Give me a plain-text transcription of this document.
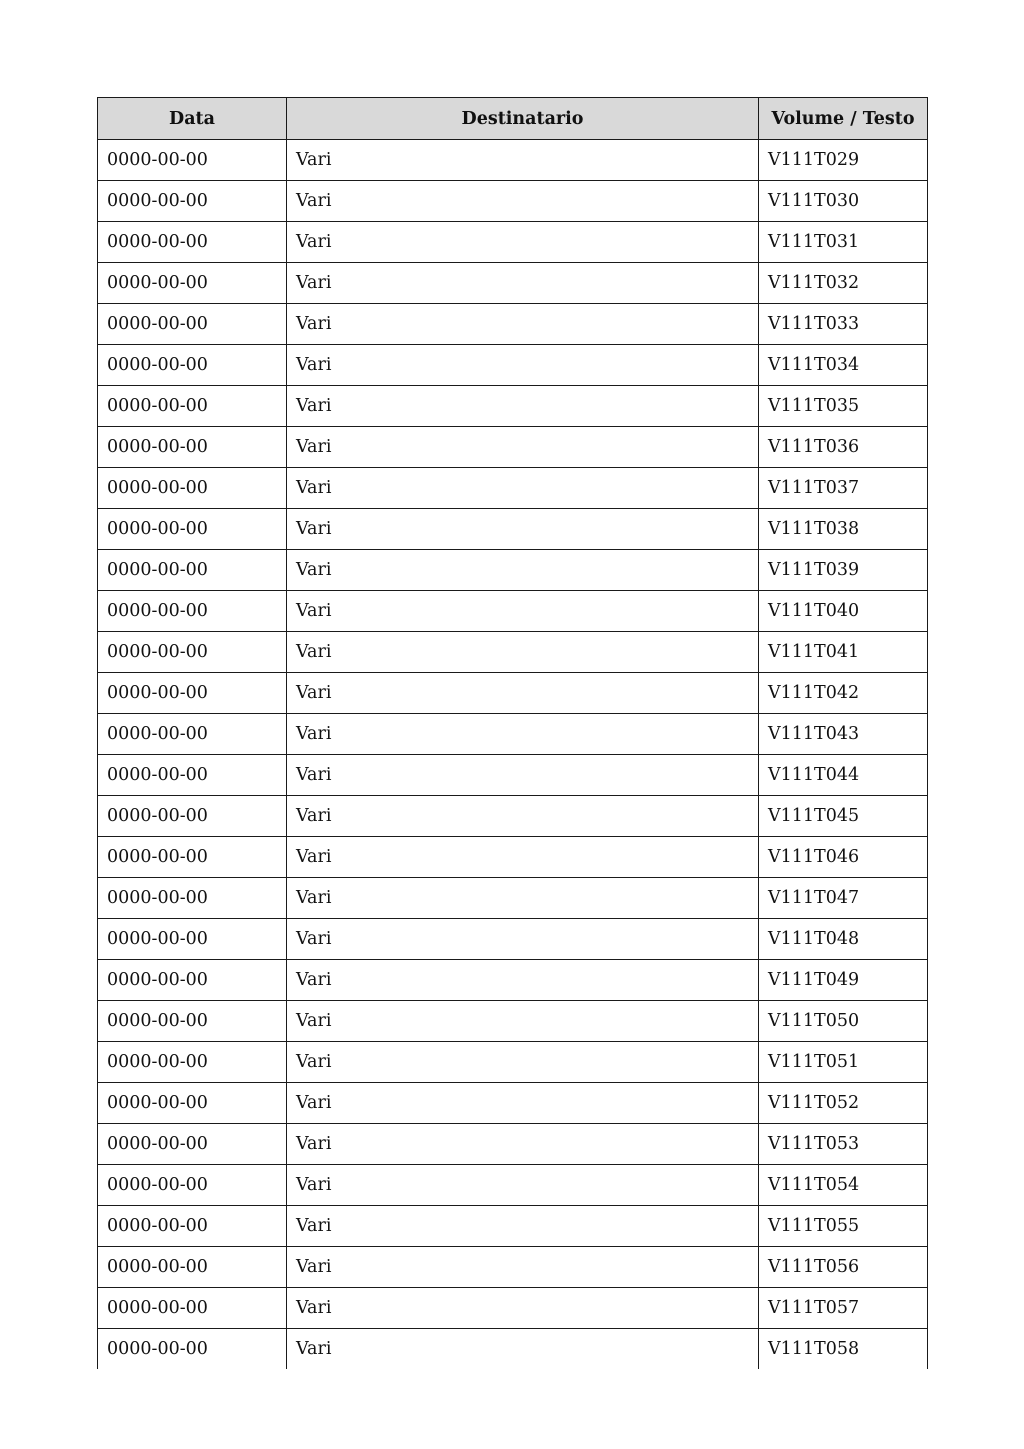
Data	Destinatario	Volume / Testo
0000-00-00	Vari	V111T029
0000-00-00	Vari	V111T030
0000-00-00	Vari	V111T031
0000-00-00	Vari	V111T032
0000-00-00	Vari	V111T033
0000-00-00	Vari	V111T034
0000-00-00	Vari	V111T035
0000-00-00	Vari	V111T036
0000-00-00	Vari	V111T037
0000-00-00	Vari	V111T038
0000-00-00	Vari	V111T039
0000-00-00	Vari	V111T040
0000-00-00	Vari	V111T041
0000-00-00	Vari	V111T042
0000-00-00	Vari	V111T043
0000-00-00	Vari	V111T044
0000-00-00	Vari	V111T045
0000-00-00	Vari	V111T046
0000-00-00	Vari	V111T047
0000-00-00	Vari	V111T048
0000-00-00	Vari	V111T049
0000-00-00	Vari	V111T050
0000-00-00	Vari	V111T051
0000-00-00	Vari	V111T052
0000-00-00	Vari	V111T053
0000-00-00	Vari	V111T054
0000-00-00	Vari	V111T055
0000-00-00	Vari	V111T056
0000-00-00	Vari	V111T057
0000-00-00	Vari	V111T058
